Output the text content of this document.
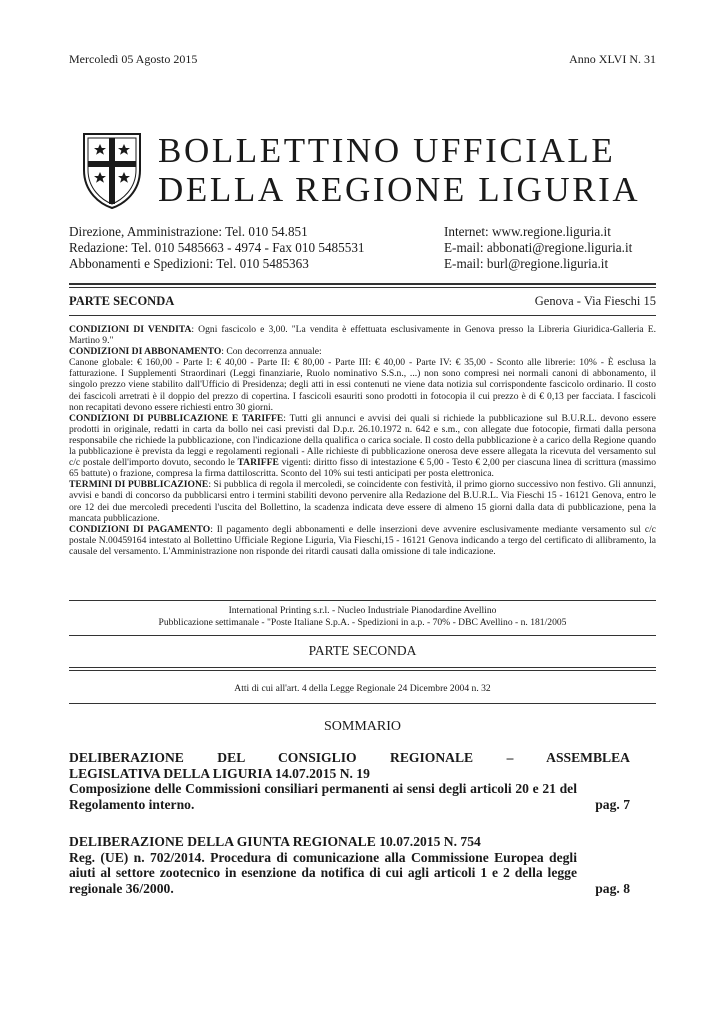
Mercoledì 05 Agosto 2015	Anno XLVI N. 31
BOLLETTINO UFFICIALE
DELLA REGIONE LIGURIA
Direzione, Amministrazione: Tel. 010 54.851
Redazione: Tel. 010 5485663 - 4974 - Fax 010 5485531
Abbonamenti e Spedizioni: Tel. 010 5485363
Internet: www.regione.liguria.it
E-mail: abbonati@regione.liguria.it
E-mail: burl@regione.liguria.it
PARTE SECONDA	Genova - Via Fieschi 15

CONDIZIONI DI VENDITA: Ogni fascicolo e 3,00. "La vendita è effettuata esclusivamente in Genova presso la Libreria Giuridica-Galleria E. Martino 9."

CONDIZIONI DI ABBONAMENTO: Con decorrenza annuale:

Canone globale: € 160,00 - Parte I: € 40,00 - Parte II: € 80,00 - Parte III: € 40,00 - Parte IV: € 35,00 - Sconto alle librerie: 10% - È esclusa la fatturazione. I Supplementi Straordinari (Leggi finanziarie, Ruolo nominativo S.S.n., ...) non sono compresi nei normali canoni di abbonamento, il singolo prezzo viene stabilito dall'Ufficio di Presidenza; degli atti in essi contenuti ne viene data notizia sul corrispondente fascicolo ordinario. Il costo dei fascicoli arretrati è il doppio del prezzo di copertina. I fascicoli esauriti sono prodotti in fotocopia il cui prezzo è di € 0,13 per facciata. I fascicoli non recapitati devono essere richiesti entro 30 giorni.

CONDIZIONI DI PUBBLICAZIONE E TARIFFE: Tutti gli annunci e avvisi dei quali si richiede la pubblicazione sul B.U.R.L. devono essere prodotti in originale, redatti in carta da bollo nei casi previsti dal D.p.r. 26.10.1972 n. 642 e s.m., con allegate due fotocopie, firmati dalla persona responsabile che richiede la pubblicazione, con l'indicazione della qualifica o carica sociale. Il costo della pubblicazione è a carico della Regione quando la pubblicazione è prevista da leggi e regolamenti regionali - Alle richieste di pubblicazione onerosa deve essere allegata la ricevuta del versamento sul c/c postale dell'importo dovuto, secondo le TARIFFE vigenti: diritto fisso di intestazione € 5,00 - Testo € 2,00 per ciascuna linea di scrittura (massimo 65 battute) o frazione, compresa la firma dattiloscritta. Sconto del 10% sui testi anticipati per posta elettronica.

TERMINI DI PUBBLICAZIONE: Si pubblica di regola il mercoledì, se coincidente con festività, il primo giorno successivo non festivo. Gli annunzi, avvisi e bandi di concorso da pubblicarsi entro i termini stabiliti devono pervenire alla Redazione del B.U.R.L. Via Fieschi 15 - 16121 Genova, entro le ore 12 dei due mercoledì precedenti l'uscita del Bollettino, la scadenza indicata deve essere di almeno 15 giorni dalla data di pubblicazione, pena la mancata pubblicazione.

CONDIZIONI DI PAGAMENTO: Il pagamento degli abbonamenti e delle inserzioni deve avvenire esclusivamente mediante versamento sul c/c postale N.00459164 intestato al Bollettino Ufficiale Regione Liguria, Via Fieschi,15 - 16121 Genova indicando a tergo del certificato di allibramento, la causale del versamento. L'Amministrazione non risponde dei ritardi causati dalla omissione di tale indicazione.

International Printing s.r.l. - Nucleo Industriale Pianodardine Avellino
Pubblicazione settimanale - "Poste Italiane S.p.A. - Spedizioni in a.p. - 70% - DBC Avellino - n. 181/2005
PARTE SECONDA
Atti di cui all'art. 4 della Legge Regionale 24 Dicembre 2004 n. 32
SOMMARIO
DELIBERAZIONE DEL CONSIGLIO REGIONALE – ASSEMBLEA
LEGISLATIVA DELLA LIGURIA 14.07.2015 N. 19
Composizione delle Commissioni consiliari permanenti ai sensi degli articoli 20 e 21 del Regolamento interno.	pag. 7
DELIBERAZIONE DELLA GIUNTA REGIONALE 10.07.2015 N. 754
Reg. (UE) n. 702/2014. Procedura di comunicazione alla Commissione Europea degli aiuti al settore zootecnico in esenzione da notifica di cui agli articoli 1 e 2 della legge regionale 36/2000.	pag. 8
